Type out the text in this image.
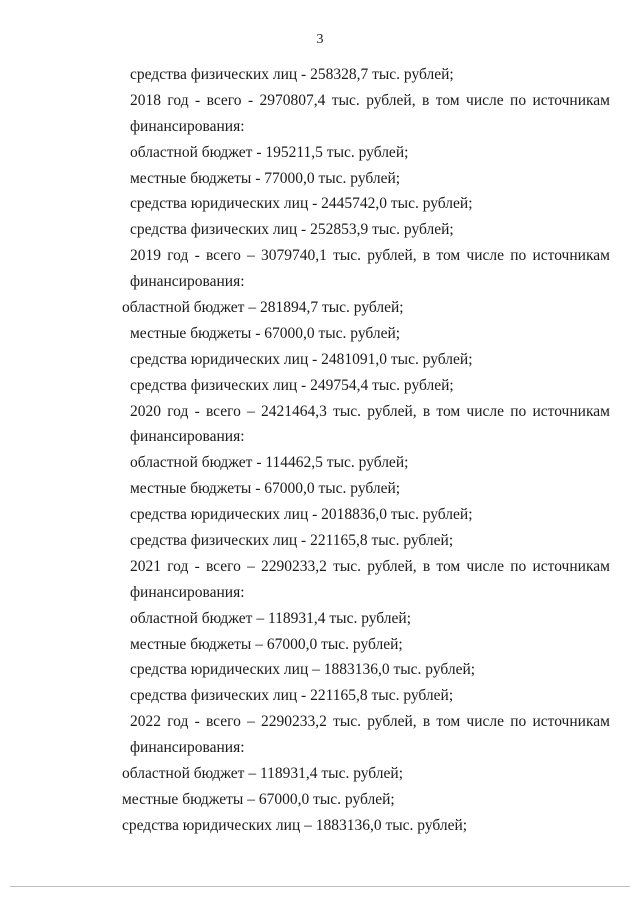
3
средства физических лиц - 258328,7 тыс. рублей;
2018 год - всего - 2970807,4 тыс. рублей, в том числе по источникам
финансирования:
областной бюджет - 195211,5 тыс. рублей;
местные бюджеты - 77000,0 тыс. рублей;
средства юридических лиц - 2445742,0 тыс. рублей;
средства физических лиц - 252853,9 тыс. рублей;
2019 год - всего – 3079740,1 тыс. рублей, в том числе по источникам
финансирования:
областной бюджет – 281894,7 тыс. рублей;
местные бюджеты - 67000,0 тыс. рублей;
средства юридических лиц - 2481091,0 тыс. рублей;
средства физических лиц - 249754,4 тыс. рублей;
2020 год - всего – 2421464,3 тыс. рублей, в том числе по источникам
финансирования:
областной бюджет - 114462,5 тыс. рублей;
местные бюджеты - 67000,0 тыс. рублей;
средства юридических лиц - 2018836,0 тыс. рублей;
средства физических лиц - 221165,8 тыс. рублей;
2021 год - всего – 2290233,2 тыс. рублей, в том числе по источникам
финансирования:
областной бюджет – 118931,4 тыс. рублей;
местные бюджеты – 67000,0 тыс. рублей;
средства юридических лиц – 1883136,0 тыс. рублей;
средства физических лиц - 221165,8 тыс. рублей;
2022 год - всего – 2290233,2 тыс. рублей, в том числе по источникам
финансирования:
областной бюджет – 118931,4 тыс. рублей;
местные бюджеты – 67000,0 тыс. рублей;
средства юридических лиц – 1883136,0 тыс. рублей;
